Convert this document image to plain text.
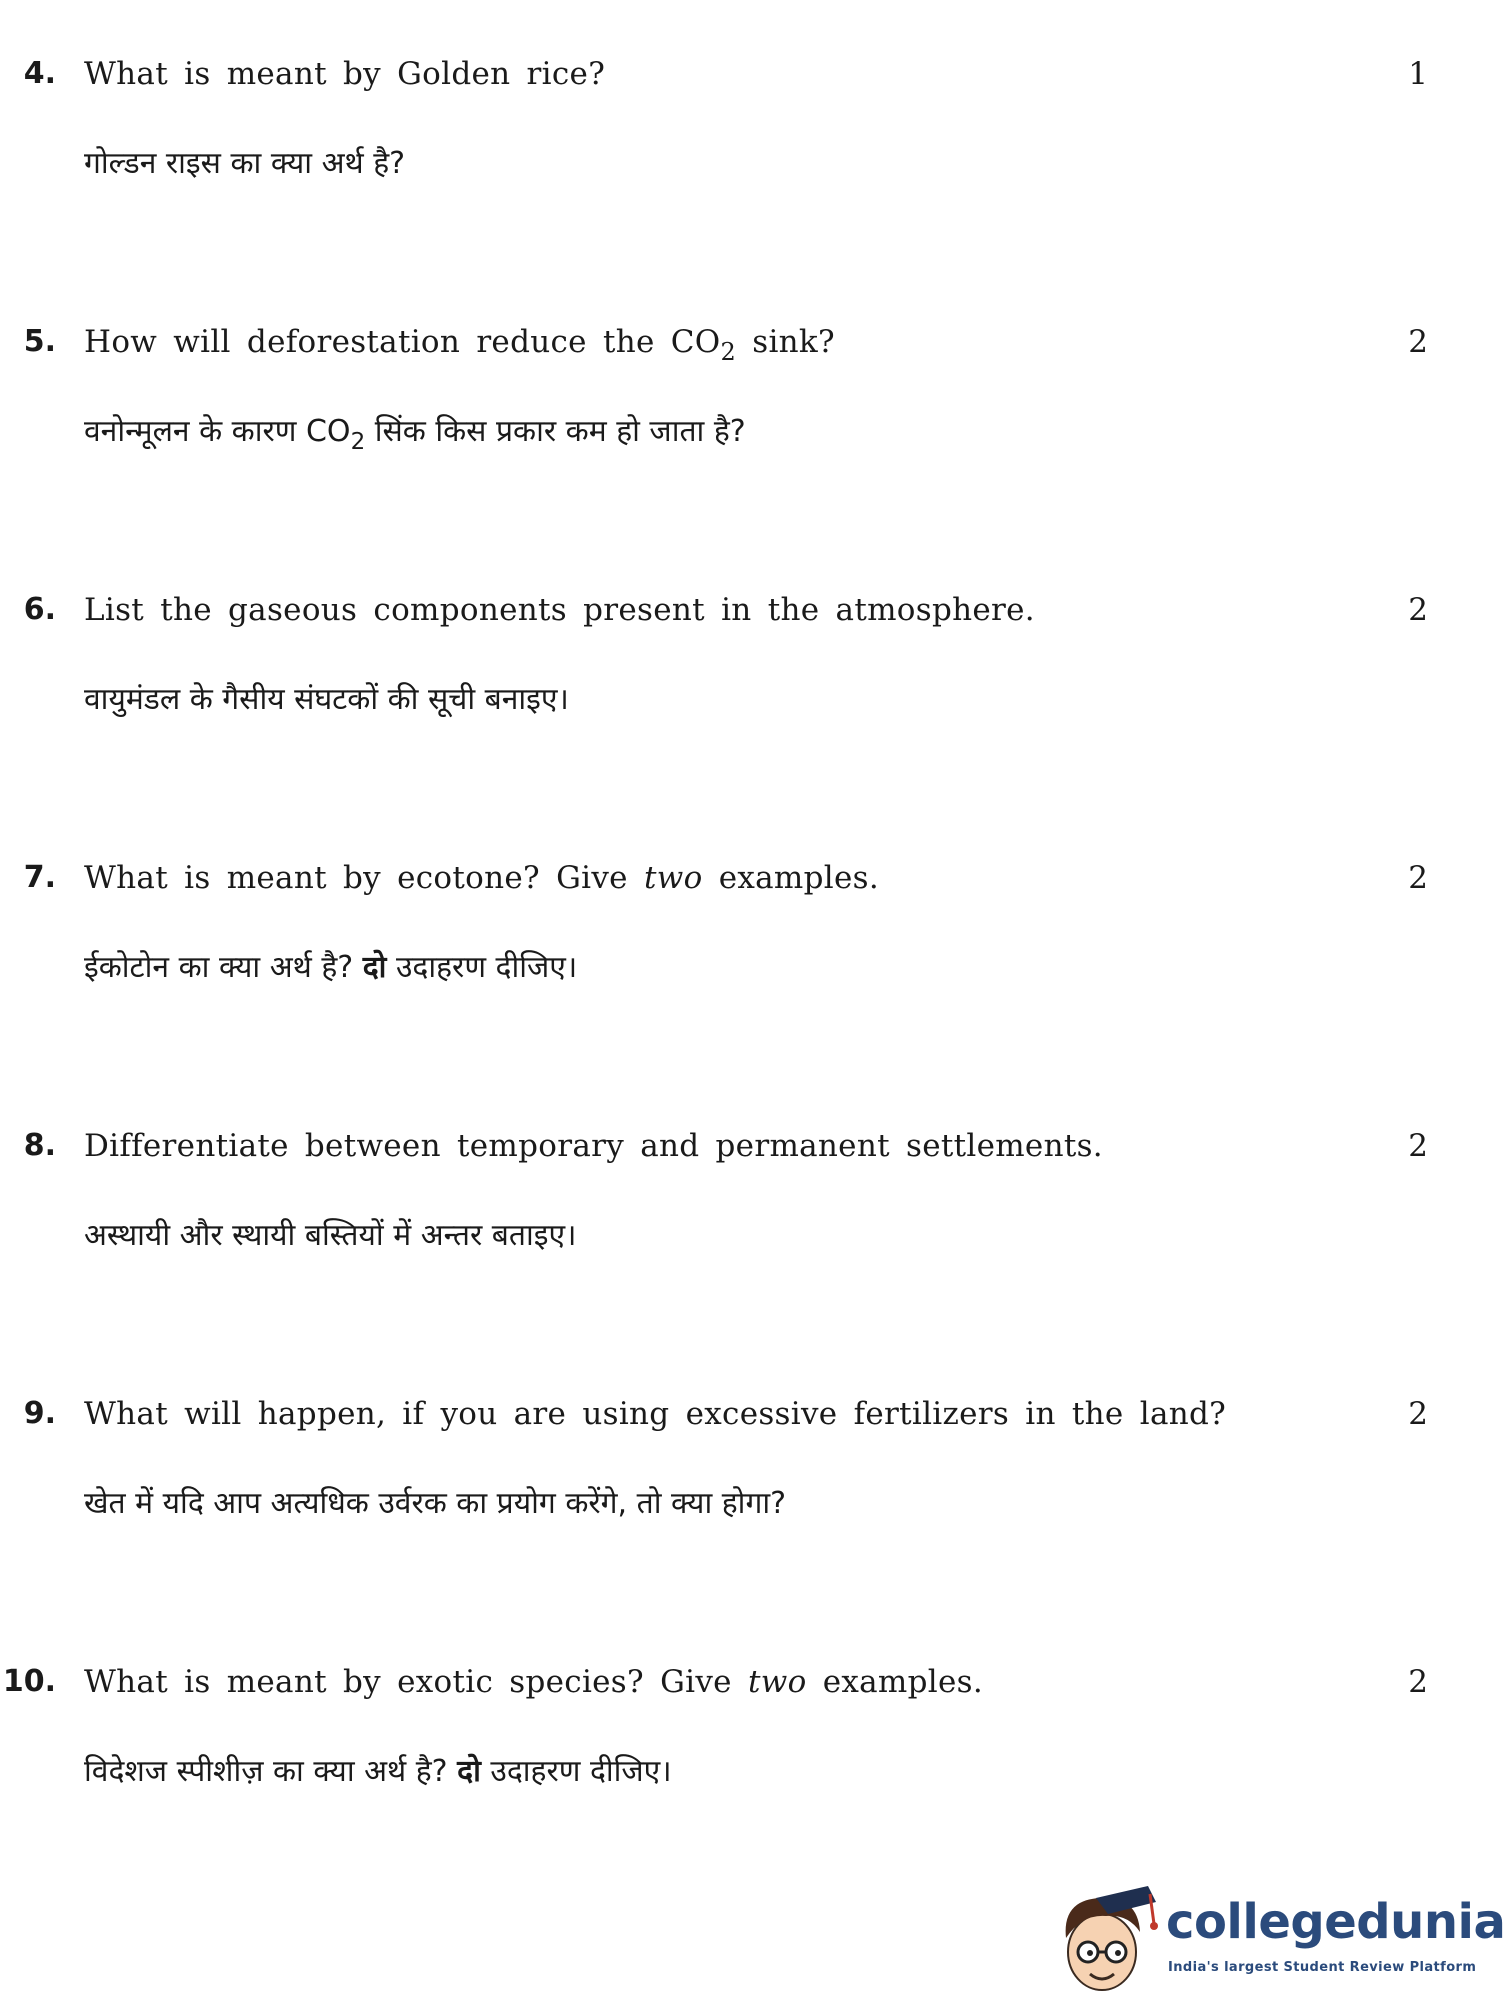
4. What is meant by Golden rice?	1
गोल्डन राइस का क्या अर्थ है?
5. How will deforestation reduce the $CO_2$ sink?	2
वनोन्मूलन के कारण $CO_2$ सिंक किस प्रकार कम हो जाता है?
6. List the gaseous components present in the atmosphere.	2
वायुमंडल के गैसीय संघटकों की सूची बनाइए।
7. What is meant by ecotone? Give two examples.	2
ईकोटोन का क्या अर्थ है? दो उदाहरण दीजिए।
8. Differentiate between temporary and permanent settlements.	2
अस्थायी और स्थायी बस्तियों में अन्तर बताइए।
9. What will happen, if you are using excessive fertilizers in the land?	2
खेत में यदि आप अत्यधिक उर्वरक का प्रयोग करेंगे, तो क्या होगा?
10. What is meant by exotic species? Give two examples.	2
विदेशज स्पीशीज़ का क्या अर्थ है? दो उदाहरण दीजिए।
collegedunia
India's largest Student Review Platform
